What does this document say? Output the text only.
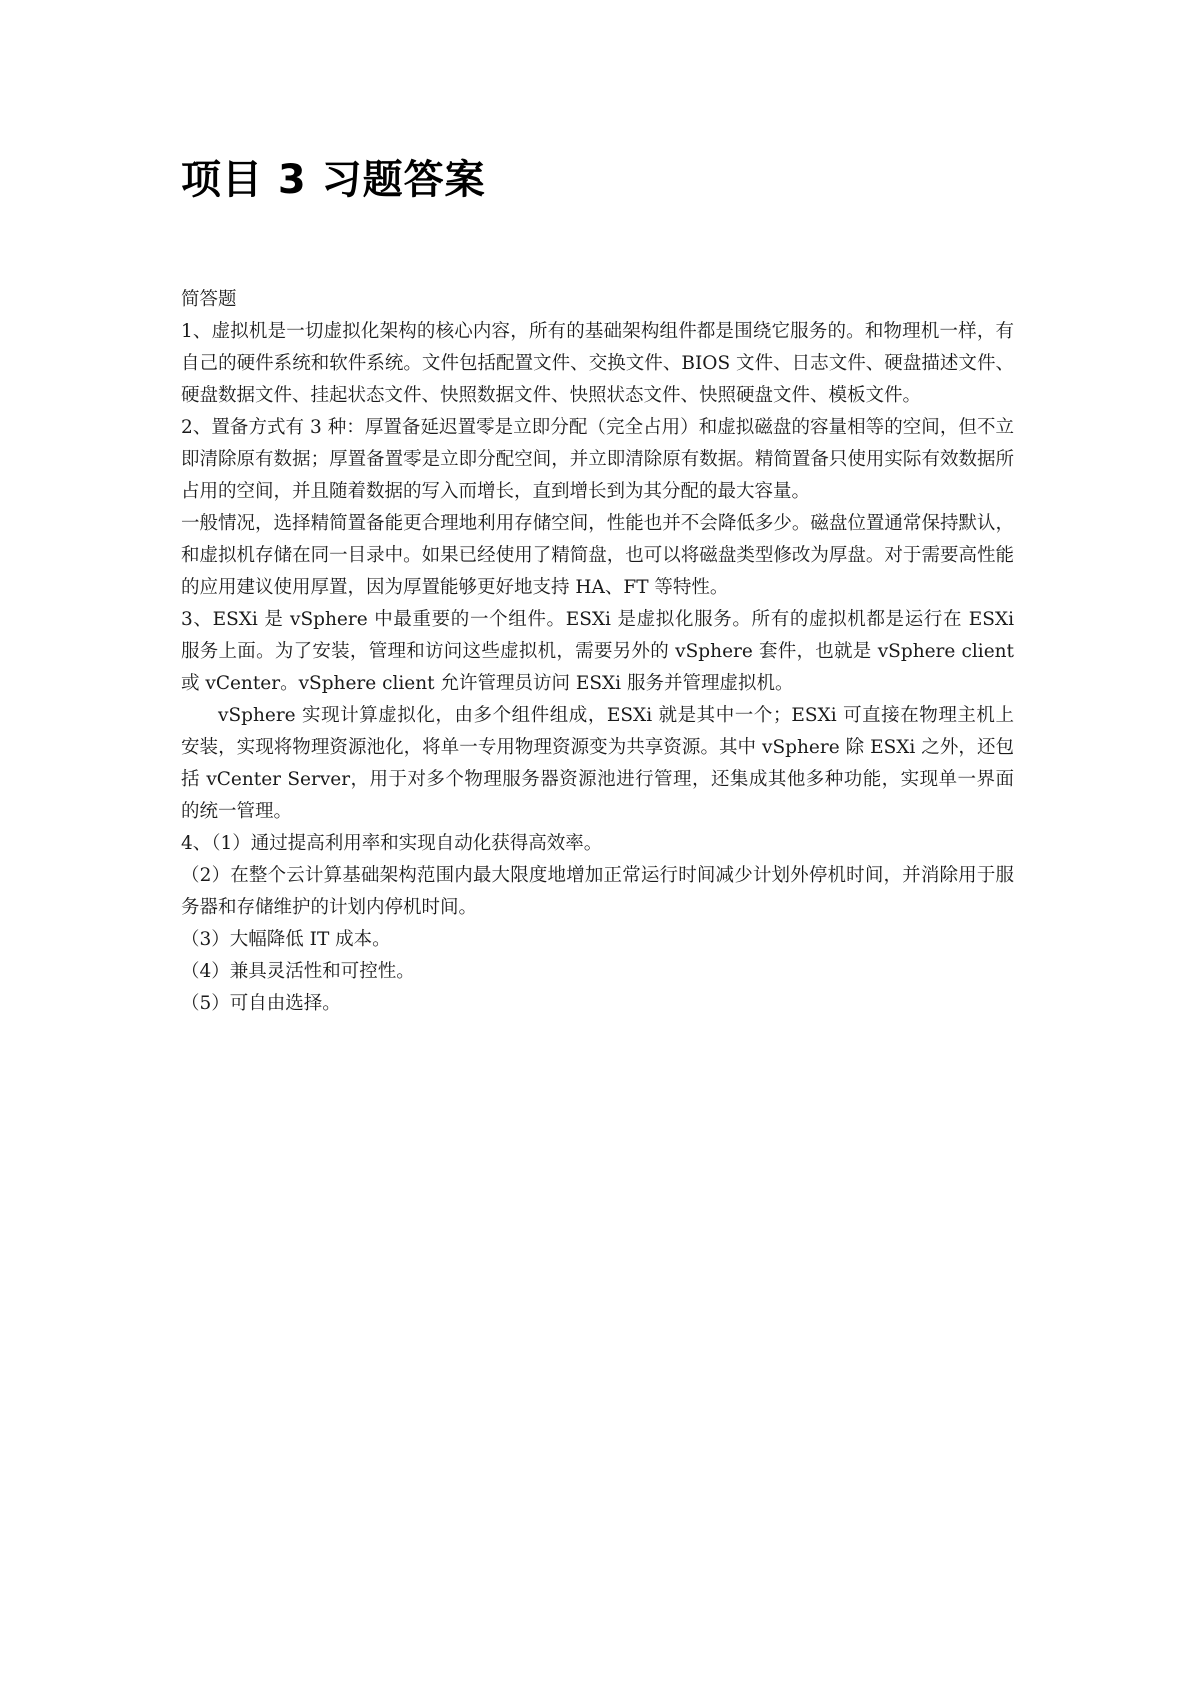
项目 3 习题答案

简答题

1、虚拟机是一切虚拟化架构的核心内容，所有的基础架构组件都是围绕它服务的。和物理机一样，有自己的硬件系统和软件系统。文件包括配置文件、交换文件、BIOS 文件、日志文件、硬盘描述文件、硬盘数据文件、挂起状态文件、快照数据文件、快照状态文件、快照硬盘文件、模板文件。

2、置备方式有 3 种：厚置备延迟置零是立即分配（完全占用）和虚拟磁盘的容量相等的空间，但不立即清除原有数据；厚置备置零是立即分配空间，并立即清除原有数据。精简置备只使用实际有效数据所占用的空间，并且随着数据的写入而增长，直到增长到为其分配的最大容量。

一般情况，选择精简置备能更合理地利用存储空间，性能也并不会降低多少。磁盘位置通常保持默认，和虚拟机存储在同一目录中。如果已经使用了精简盘，也可以将磁盘类型修改为厚盘。对于需要高性能的应用建议使用厚置，因为厚置能够更好地支持 HA、FT 等特性。

3、ESXi 是 vSphere 中最重要的一个组件。ESXi 是虚拟化服务。所有的虚拟机都是运行在 ESXi 服务上面。为了安装，管理和访问这些虚拟机，需要另外的 vSphere 套件，也就是 vSphere client 或 vCenter。vSphere client 允许管理员访问 ESXi 服务并管理虚拟机。

vSphere 实现计算虚拟化，由多个组件组成，ESXi 就是其中一个；ESXi 可直接在物理主机上安装，实现将物理资源池化，将单一专用物理资源变为共享资源。其中 vSphere 除 ESXi 之外，还包括 vCenter Server，用于对多个物理服务器资源池进行管理，还集成其他多种功能，实现单一界面的统一管理。

4、（1）通过提高利用率和实现自动化获得高效率。

（2）在整个云计算基础架构范围内最大限度地增加正常运行时间减少计划外停机时间，并消除用于服务器和存储维护的计划内停机时间。

（3）大幅降低 IT 成本。

（4）兼具灵活性和可控性。

（5）可自由选择。
